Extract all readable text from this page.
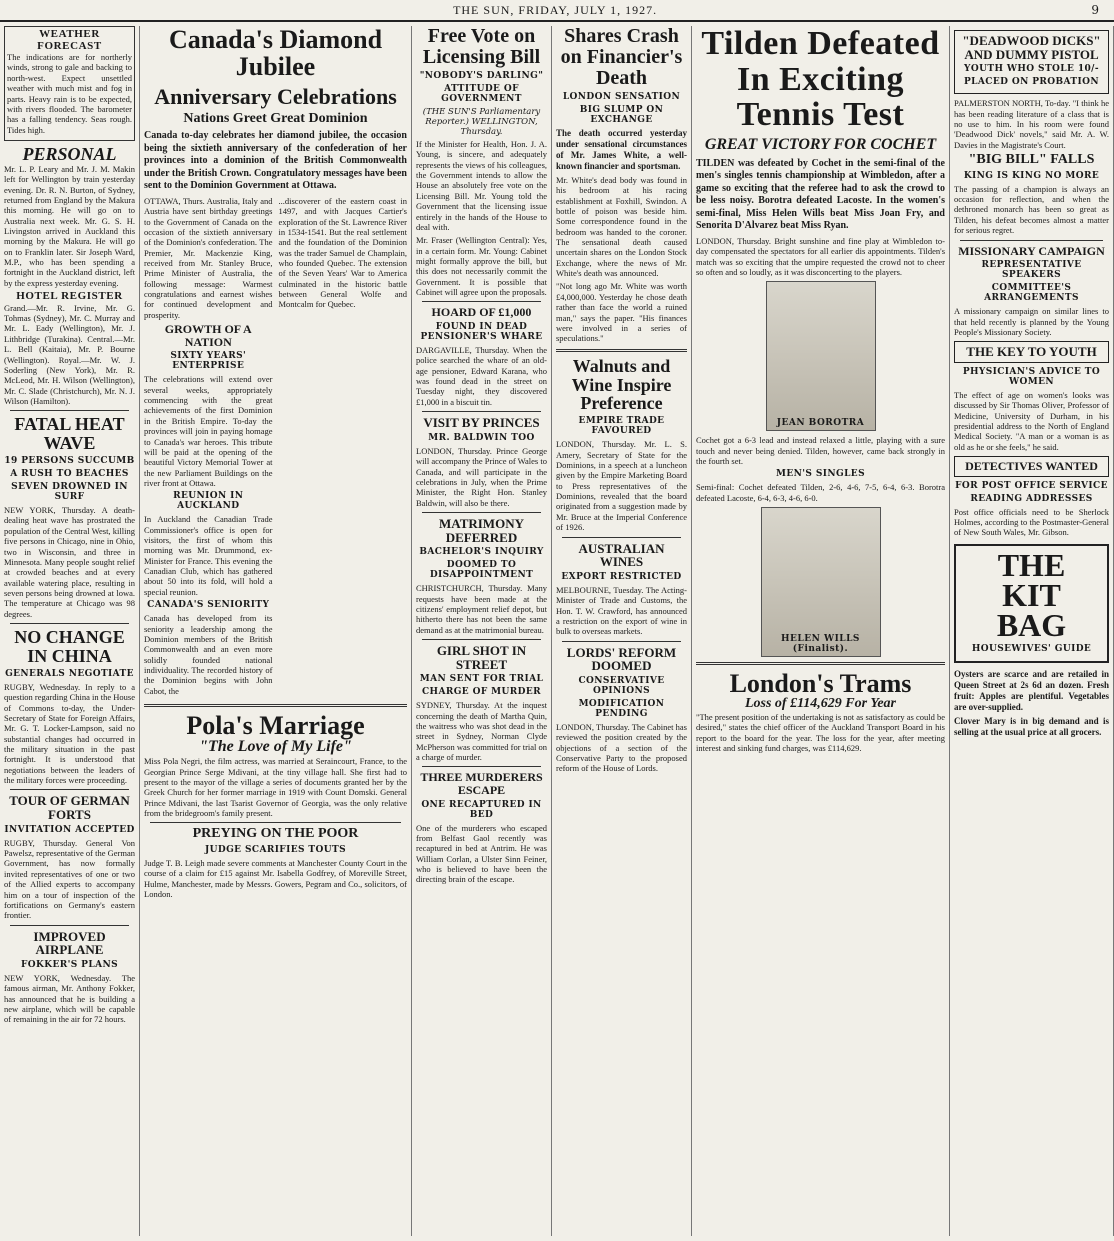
THE SUN, FRIDAY, JULY 1, 1927.	9
WEATHER FORECAST
The indications are for northerly winds, strong to gale and backing to north-west. Expect unsettled weather with much mist and fog in parts. Heavy rain is to be expected, with rivers flooded. The barometer has a falling tendency. Seas rough. Tides high.
PERSONAL
Mr. L. P. Leary and Mr. J. M. Makin left for Wellington by train yesterday evening. Dr. R. N. Burton, of Sydney, returned from England by the Makura this morning. He will go on to Australia next week. Mr. G. S. H. Livingston arrived in Auckland this morning by the Makura. He will go on to Franklin later. Sir Joseph Ward, M.P., who has been spending a fortnight in the Auckland district, left by the express yesterday evening.
HOTEL REGISTER
Grand.—Mr. R. Irvine, Mr. G. Tohmas (Sydney), Mr. C. Murray and Mr. L. Eady (Wellington), Mr. J. Lithbridge (Turakina). Central.—Mr. L. Bell (Kaitaia), Mr. P. Bourne (Wellington). Royal.—Mr. W. J. Soderling (New York), Mr. R. McLeod, Mr. H. Wilson (Wellington), Mr. C. Slade (Christchurch), Mr. N. J. Wilson (Hamilton).
FATAL HEAT WAVE
19 PERSONS SUCCUMB
A RUSH TO BEACHES
SEVEN DROWNED IN SURF
NEW YORK, Thursday. A death-dealing heat wave has prostrated the population of the Central West, killing five persons in Chicago, nine in Ohio, two in Wisconsin, and three in Minnesota. Many people sought relief at crowded beaches and at every available watering place, resulting in seven persons being drowned at lowa. The temperature at Chicago was 98 degrees.
NO CHANGE IN CHINA
GENERALS NEGOTIATE
RUGBY, Wednesday. In reply to a question regarding China in the House of Commons to-day, the Under-Secretary of State for Foreign Affairs, Mr. G. T. Locker-Lampson, said no substantial changes had occurred in the military situation in the past fortnight. It is understood that negotiations between the leaders of the military forces were proceeding.
TOUR OF GERMAN FORTS
INVITATION ACCEPTED
RUGBY, Thursday. General Von Pawelsz, representative of the German Government, has now formally invited representatives of one or two of the Allied experts to accompany him on a tour of inspection of the fortifications on Germany's eastern frontier.
IMPROVED AIRPLANE
FOKKER'S PLANS
NEW YORK, Wednesday. The famous airman, Mr. Anthony Fokker, has announced that he is building a new airplane, which will be capable of remaining in the air for 72 hours.
Canada's Diamond Jubilee
Anniversary Celebrations
Nations Greet Great Dominion
Canada to-day celebrates her diamond jubilee, the occasion being the sixtieth anniversary of the confederation of her provinces into a dominion of the British Commonwealth under the British Crown. Congratulatory messages have been sent to the Dominion Government at Ottawa.
OTTAWA, Thurs. Australia, Italy and Austria have sent birthday greetings to the Government of Canada on the occasion of the sixtieth anniversary of the Dominion's confederation. The Premier, Mr. Mackenzie King, received from Mr. Stanley Bruce, Prime Minister of Australia, the following message: Warmest congratulations and earnest wishes for continued development and prosperity.
GROWTH OF A NATION
SIXTY YEARS' ENTERPRISE
The celebrations will extend over several weeks, appropriately commencing with the great achievements of the first Dominion in the British Empire. To-day the provinces will join in paying homage to Canada's war heroes. This tribute will be paid at the opening of the beautiful Victory Memorial Tower at the new Parliament Buildings on the river front at Ottawa.
REUNION IN AUCKLAND
In Auckland the Canadian Trade Commissioner's office is open for visitors, the first of whom this morning was Mr. Drummond, ex-Minister for France. This evening the Canadian Club, which has gathered about 50 into its fold, will hold a special reunion.
CANADA'S SENIORITY
Canada has developed from its seniority a leadership among the Dominion members of the British Commonwealth and an even more solidly founded national individuality. The recorded history of the Dominion begins with John Cabot, the
...discoverer of the eastern coast in 1497, and with Jacques Cartier's exploration of the St. Lawrence River in 1534-1541. But the real settlement and the foundation of the Dominion was the trader Samuel de Champlain, who founded Quebec. The extension of the Seven Years' War to America culminated in the historic battle between General Wolfe and Montcalm for Quebec.
Pola's Marriage
"The Love of My Life"
Miss Pola Negri, the film actress, was married at Seraincourt, France, to the Georgian Prince Serge Mdivani, at the tiny village hall. She first had to present to the mayor of the village a series of documents granted her by the Greek Church for her former marriage in 1919 with Count Domski. General Prince Mdivani, the last Tsarist Governor of Georgia, was the only relative from the bridegroom's family present.
PREYING ON THE POOR
JUDGE SCARIFIES TOUTS
Judge T. B. Leigh made severe comments at Manchester County Court in the course of a claim for £15 against Mr. Isabella Godfrey, of Moreville Street, Hulme, Manchester, made by Messrs. Gowers, Pegram and Co., solicitors, of London.
Free Vote on Licensing Bill
"NOBODY'S DARLING"
ATTITUDE OF GOVERNMENT
(THE SUN'S Parliamentary Reporter.) WELLINGTON, Thursday.
If the Minister for Health, Hon. J. A. Young, is sincere, and adequately represents the views of his colleagues, the Government intends to allow the House an absolutely free vote on the Licensing Bill. Mr. Young told the Government that the licensing issue entirely in the hands of the House to deal with.
Mr. Fraser (Wellington Central): Yes, in a certain form. Mr. Young: Cabinet might formally approve the bill, but this does not necessarily commit the Government. It is possible that Cabinet will agree upon the proposals.
HOARD OF £1,000
FOUND IN DEAD PENSIONER'S WHARE
DARGAVILLE, Thursday. When the police searched the whare of an old-age pensioner, Edward Karana, who was found dead in the street on Tuesday night, they discovered £1,000 in a biscuit tin.
VISIT BY PRINCES
MR. BALDWIN TOO
LONDON, Thursday. Prince George will accompany the Prince of Wales to Canada, and will participate in the celebrations in July, when the Prime Minister, the Right Hon. Stanley Baldwin, will also be there.
MATRIMONY DEFERRED
BACHELOR'S INQUIRY
DOOMED TO DISAPPOINTMENT
CHRISTCHURCH, Thursday. Many requests have been made at the citizens' employment relief depot, but hitherto there has not been the same demand as at the matrimonial bureau.
GIRL SHOT IN STREET
MAN SENT FOR TRIAL
CHARGE OF MURDER
SYDNEY, Thursday. At the inquest concerning the death of Martha Quin, the waitress who was shot dead in the street in Sydney, Norman Clyde McPherson was committed for trial on a charge of murder.
THREE MURDERERS ESCAPE
ONE RECAPTURED IN BED
One of the murderers who escaped from Belfast Gaol recently was recaptured in bed at Antrim. He was William Corlan, a Ulster Sinn Feiner, who is believed to have been the directing brain of the escape.
Shares Crash on Financier's Death
LONDON SENSATION
BIG SLUMP ON EXCHANGE
The death occurred yesterday under sensational circumstances of Mr. James White, a well-known financier and sportsman.
Mr. White's dead body was found in his bedroom at his racing establishment at Foxhill, Swindon. A bottle of poison was beside him. Some correspondence found in the bedroom was handed to the coroner. The sensational death caused uncertain shares on the London Stock Exchange, where the news of Mr. White's death was announced.
"Not long ago Mr. White was worth £4,000,000. Yesterday he chose death rather than face the world a ruined man," says the paper. "His finances were involved in a series of speculations."
Walnuts and Wine Inspire Preference
EMPIRE TRADE FAVOURED
LONDON, Thursday. Mr. L. S. Amery, Secretary of State for the Dominions, in a speech at a luncheon given by the Empire Marketing Board to Press representatives of the Dominions, revealed that the board originated from a suggestion made by Mr. Bruce at the Imperial Conference of 1926.
AUSTRALIAN WINES
EXPORT RESTRICTED
MELBOURNE, Tuesday. The Acting-Minister of Trade and Customs, the Hon. T. W. Crawford, has announced a restriction on the export of wine in bulk to overseas markets.
LORDS' REFORM DOOMED
CONSERVATIVE OPINIONS
MODIFICATION PENDING
LONDON, Thursday. The Cabinet has reviewed the position created by the objections of a section of the Conservative Party to the proposed reform of the House of Lords.
Tilden Defeated In Exciting Tennis Test
GREAT VICTORY FOR COCHET
TILDEN was defeated by Cochet in the semi-final of the men's singles tennis championship at Wimbledon, after a game so exciting that the referee had to ask the crowd to be less noisy. Borotra defeated Lacoste. In the women's semi-final, Miss Helen Wills beat Miss Joan Fry, and Senorita D'Alvarez beat Miss Ryan.
LONDON, Thursday. Bright sunshine and fine play at Wimbledon to-day compensated the spectators for all earlier dis appointments. Tilden's match was so exciting that the umpire requested the crowd not to cheer so often and so loudly, as it was disconcerting to the players.
JEAN BOROTRA
Cochet got a 6-3 lead and instead relaxed a little, playing with a sure touch and never being denied. Tilden, however, came back strongly in the fourth set.
MEN'S SINGLES
Semi-final: Cochet defeated Tilden, 2-6, 4-6, 7-5, 6-4, 6-3. Borotra defeated Lacoste, 6-4, 6-3, 4-6, 6-0.
HELEN WILLS (Finalist).
London's Trams
Loss of £114,629 For Year
"The present position of the undertaking is not as satisfactory as could be desired," states the chief officer of the Auckland Transport Board in his report to the board for the year. The loss for the year, after meeting interest and sinking fund charges, was £114,629.
"DEADWOOD DICKS" AND DUMMY PISTOL
YOUTH WHO STOLE 10/-
PLACED ON PROBATION
PALMERSTON NORTH, To-day. "I think he has been reading literature of a class that is no use to him. In his room were found 'Deadwood Dick' novels," said Mr. A. W. Davies in the Magistrate's Court.
"BIG BILL" FALLS
KING IS KING NO MORE
The passing of a champion is always an occasion for reflection, and when the dethroned monarch has been so great as Tilden, his defeat becomes almost a matter for serious regret.
MISSIONARY CAMPAIGN
REPRESENTATIVE SPEAKERS
COMMITTEE'S ARRANGEMENTS
A missionary campaign on similar lines to that held recently is planned by the Young People's Missionary Society.
THE KEY TO YOUTH
PHYSICIAN'S ADVICE TO WOMEN
The effect of age on women's looks was discussed by Sir Thomas Oliver, Professor of Medicine, University of Durham, in his presidential address to the North of England Medical Society. "A man or a woman is as old as he or she feels," he said.
DETECTIVES WANTED
FOR POST OFFICE SERVICE
READING ADDRESSES
Post office officials need to be Sherlock Holmes, according to the Postmaster-General of New South Wales, Mr. Gibson.
THE
KIT
BAG
HOUSEWIVES' GUIDE
Oysters are scarce and are retailed in Queen Street at 2s 6d an dozen. Fresh fruit: Apples are plentiful. Vegetables are over-supplied.
Clover Mary is in big demand and is selling at the usual price at all grocers.
